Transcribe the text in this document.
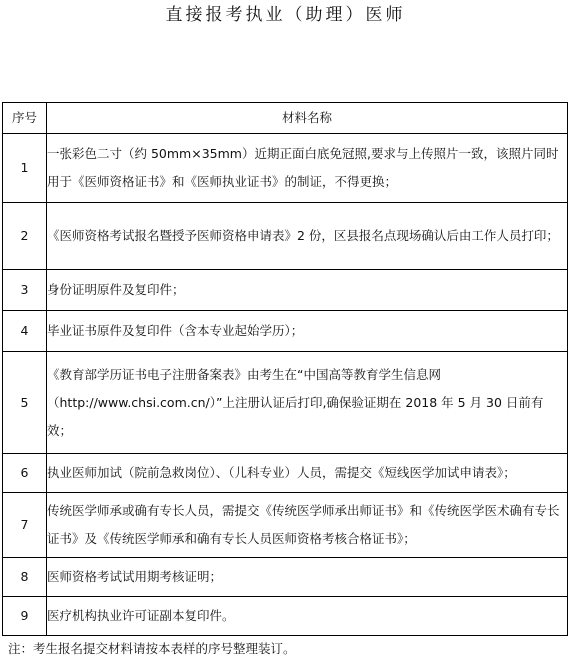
直接报考执业（助理）医师
序号	材料名称
1	一张彩色二寸（约 50mm×35mm）近期正面白底免冠照,要求与上传照片一致，该照片同时用于《医师资格证书》和《医师执业证书》的制证，不得更换；
2	《医师资格考试报名暨授予医师资格申请表》2 份，区县报名点现场确认后由工作人员打印；
3	身份证明原件及复印件；
4	毕业证书原件及复印件（含本专业起始学历）；
5	《教育部学历证书电子注册备案表》由考生在“中国高等教育学生信息网（http://www.chsi.com.cn/）”上注册认证后打印,确保验证期在 2018 年 5 月 30 日前有效；
6	执业医师加试（院前急救岗位）、（儿科专业）人员，需提交《短线医学加试申请表》；
7	传统医学师承或确有专长人员，需提交《传统医学师承出师证书》和《传统医学医术确有专长证书》及《传统医学师承和确有专长人员医师资格考核合格证书》；
8	医师资格考试试用期考核证明；
9	医疗机构执业许可证副本复印件。
注：考生报名提交材料请按本表样的序号整理装订。
